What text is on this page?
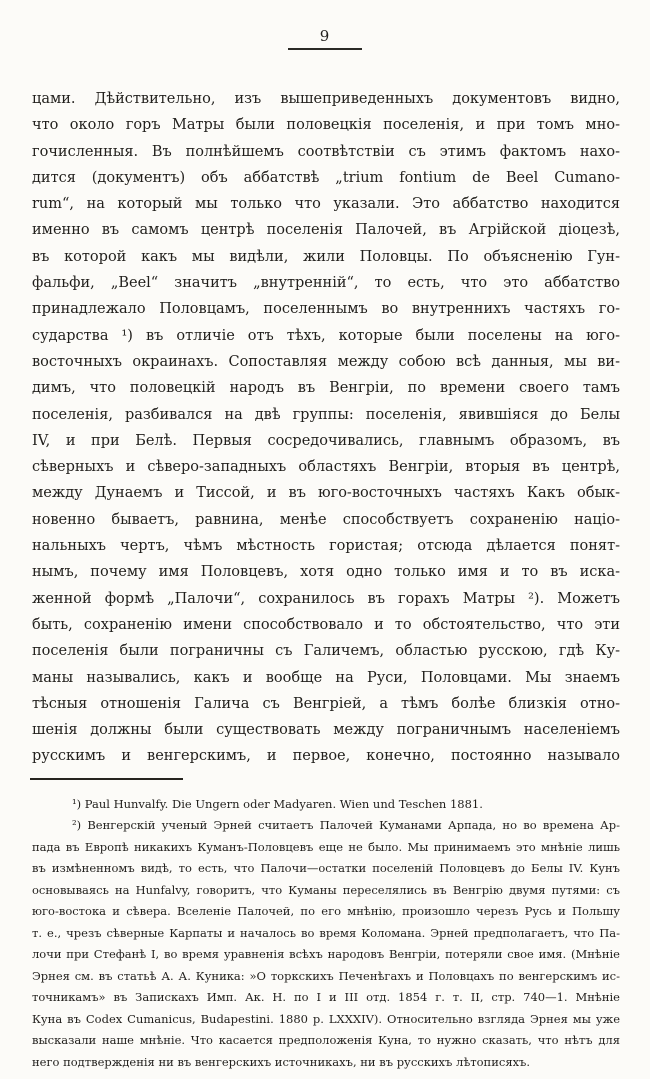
9
цами. Дѣйствительно, изъ вышеприведенныхъ документовъ видно,
что около горъ Матры были половецкія поселенія, и при томъ мно-
гочисленныя. Въ полнѣйшемъ соотвѣтствіи съ этимъ фактомъ нахо-
дится (документъ) объ аббатствѣ „trium fontium de Beel Cumano-
rum“, на который мы только что указали. Это аббатство находится
именно въ самомъ центрѣ поселенія Палочей, въ Агрійской діоцезѣ,
въ которой какъ мы видѣли, жили Половцы. По объясненію Гун-
фальфи, „Beel“ значитъ „внутренній“, то есть, что это аббатство
принадлежало Половцамъ, поселеннымъ во внутреннихъ частяхъ го-
сударства ¹) въ отличіе отъ тѣхъ, которые были поселены на юго-
восточныхъ окраинахъ. Сопоставляя между собою всѣ данныя, мы ви-
димъ, что половецкій народъ въ Венгріи, по времени своего тамъ
поселенія, разбивался на двѣ группы: поселенія, явившіяся до Белы
IV, и при Белѣ. Первыя сосредочивались, главнымъ образомъ, въ
сѣверныхъ и сѣверо-западныхъ областяхъ Венгріи, вторыя въ центрѣ,
между Дунаемъ и Тиссой, и въ юго-восточныхъ частяхъ Какъ обык-
новенно бываетъ, равнина, менѣе способствуетъ сохраненію націо-
нальныхъ чертъ, чѣмъ мѣстность гористая; отсюда дѣлается понят-
нымъ, почему имя Половцевъ, хотя одно только имя и то въ иска-
женной формѣ „Палочи“, сохранилось въ горахъ Матры ²). Можетъ
быть, сохраненію имени способствовало и то обстоятельство, что эти
поселенія были пограничны съ Галичемъ, областью русскою, гдѣ Ку-
маны назывались, какъ и вообще на Руси, Половцами. Мы знаемъ
тѣсныя отношенія Галича съ Венгріей, а тѣмъ болѣе близкія отно-
шенія должны были существовать между пограничнымъ населеніемъ
русскимъ и венгерскимъ, и первое, конечно, постоянно называло
¹) Paul Hunvalfy. Die Ungern oder Madyaren. Wien und Teschen 1881.
²) Венгерскій ученый Эрней считаетъ Палочей Куманами Арпада, но во времена Ар-
пада въ Европѣ никакихъ Куманъ-Половцевъ еще не было. Мы принимаемъ это мнѣніе лишь
въ измѣненномъ видѣ, то есть, что Палочи—остатки поселеній Половцевъ до Белы IV. Кунъ
основываясь на Hunfalvy, говоритъ, что Куманы переселялись въ Венгрію двумя путями: съ
юго-востока и сѣвера. Вселеніе Палочей, по его мнѣнію, произошло черезъ Русь и Польшу
т. е., чрезъ сѣверные Карпаты и началось во время Коломана. Эрней предполагаетъ, что Па-
лочи при Стефанѣ I, во время уравненія всѣхъ народовъ Венгріи, потеряли свое имя. (Мнѣніе
Эрнея см. въ статьѣ А. А. Куника: »О торкскихъ Печенѣгахъ и Половцахъ по венгерскимъ ис-
точникамъ» въ Запискахъ Имп. Ак. Н. по I и III отд. 1854 г. т. II, стр. 740—1. Мнѣніе
Куна въ Codex Cumanicus, Budapestini. 1880 p. LXXXIV). Относительно взгляда Эрнея мы уже
высказали наше мнѣніе. Что касается предположенія Куна, то нужно сказать, что нѣтъ для
него подтвержденія ни въ венгерскихъ источникахъ, ни въ русскихъ лѣтописяхъ.
